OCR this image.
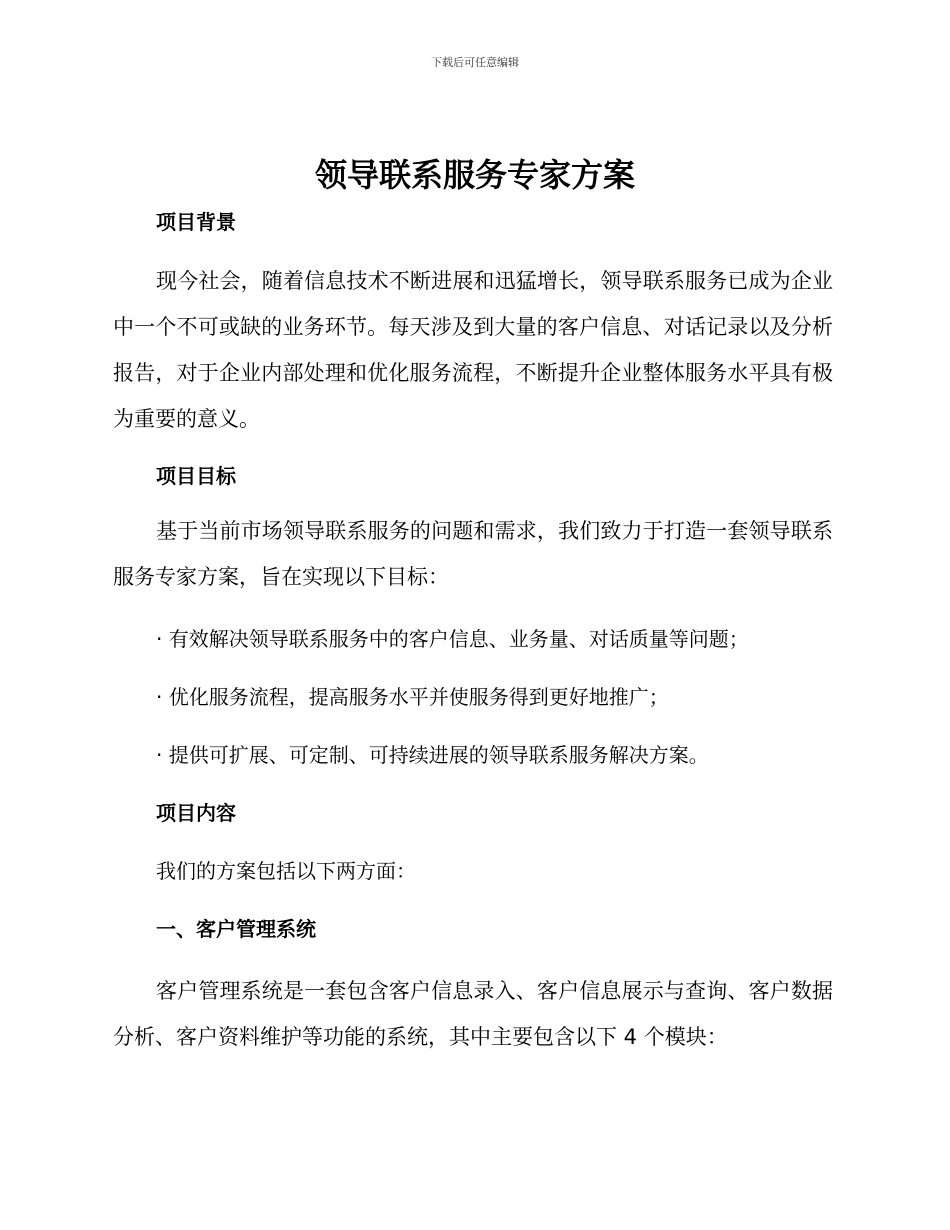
下载后可任意编辑
领导联系服务专家方案
项目背景

现今社会，随着信息技术不断进展和迅猛增长，领导联系服务已成为企业中一个不可或缺的业务环节。每天涉及到大量的客户信息、对话记录以及分析报告，对于企业内部处理和优化服务流程，不断提升企业整体服务水平具有极为重要的意义。

项目目标

基于当前市场领导联系服务的问题和需求，我们致力于打造一套领导联系服务专家方案，旨在实现以下目标：

· 有效解决领导联系服务中的客户信息、业务量、对话质量等问题；
· 优化服务流程，提高服务水平并使服务得到更好地推广；
· 提供可扩展、可定制、可持续进展的领导联系服务解决方案。
项目内容
我们的方案包括以下两方面：
一、客户管理系统

客户管理系统是一套包含客户信息录入、客户信息展示与查询、客户数据分析、客户资料维护等功能的系统，其中主要包含以下 4 个模块：
